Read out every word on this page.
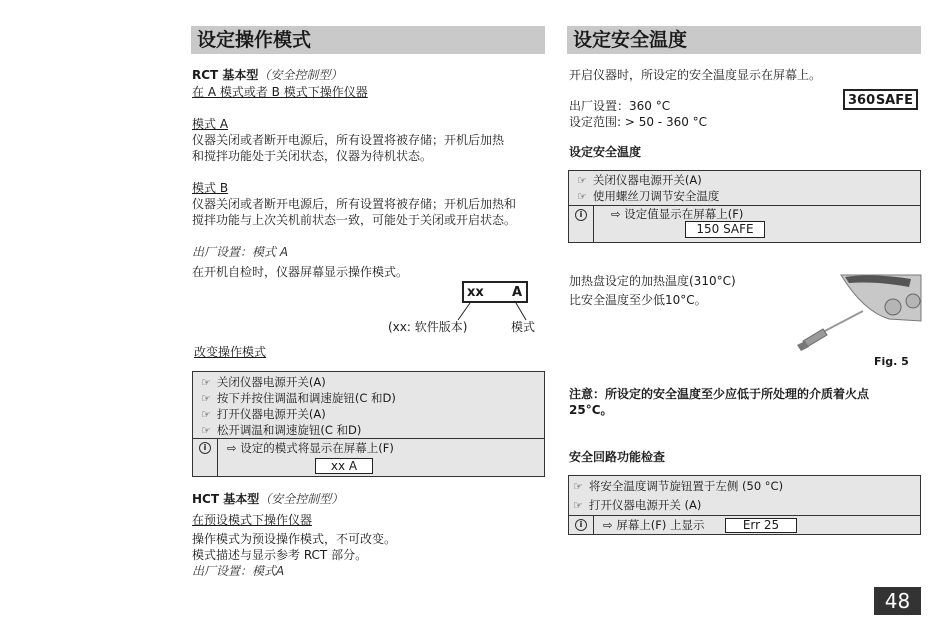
设定操作模式
RCT 基本型（安全控制型）
在 A 模式或者 B 模式下操作仪器
模式 A
仪器关闭或者断开电源后，所有设置将被存储；开机后加热
和搅拌功能处于关闭状态，仪器为待机状态。
模式 B
仪器关闭或者断开电源后，所有设置将被存储；开机后加热和
搅拌功能与上次关机前状态一致，可能处于关闭或开启状态。
出厂设置：模式 A
在开机自检时，仪器屏幕显示操作模式。
xx A
(xx: 软件版本)	模式
改变操作模式
☞ 关闭仪器电源开关(A)
☞ 按下并按住调温和调速旋钮(C 和D)
☞ 打开仪器电源开关(A)
☞ 松开调温和调速旋钮(C 和D)
i	⇨ 设定的模式将显示在屏幕上(F)
xx A
HCT 基本型（安全控制型）
在预设模式下操作仪器
操作模式为预设操作模式，不可改变。
模式描述与显示参考 RCT 部分。
出厂设置：模式A
设定安全温度
开启仪器时，所设定的安全温度显示在屏幕上。
出厂设置：360 °C
设定范围: > 50 - 360 °C
360 SAFE
设定安全温度
☞ 关闭仪器电源开关(A)
☞ 使用螺丝刀调节安全温度
i	⇨ 设定值显示在屏幕上(F)
150 SAFE
加热盘设定的加热温度(310°C)
比安全温度至少低10°C。
Fig. 5
注意：所设定的安全温度至少应低于所处理的介质着火点
25°C。
安全回路功能检查
☞ 将安全温度调节旋钮置于左侧 (50 °C)
☞ 打开仪器电源开关 (A)
i	⇨ 屏幕上(F) 上显示	Err 25
48
